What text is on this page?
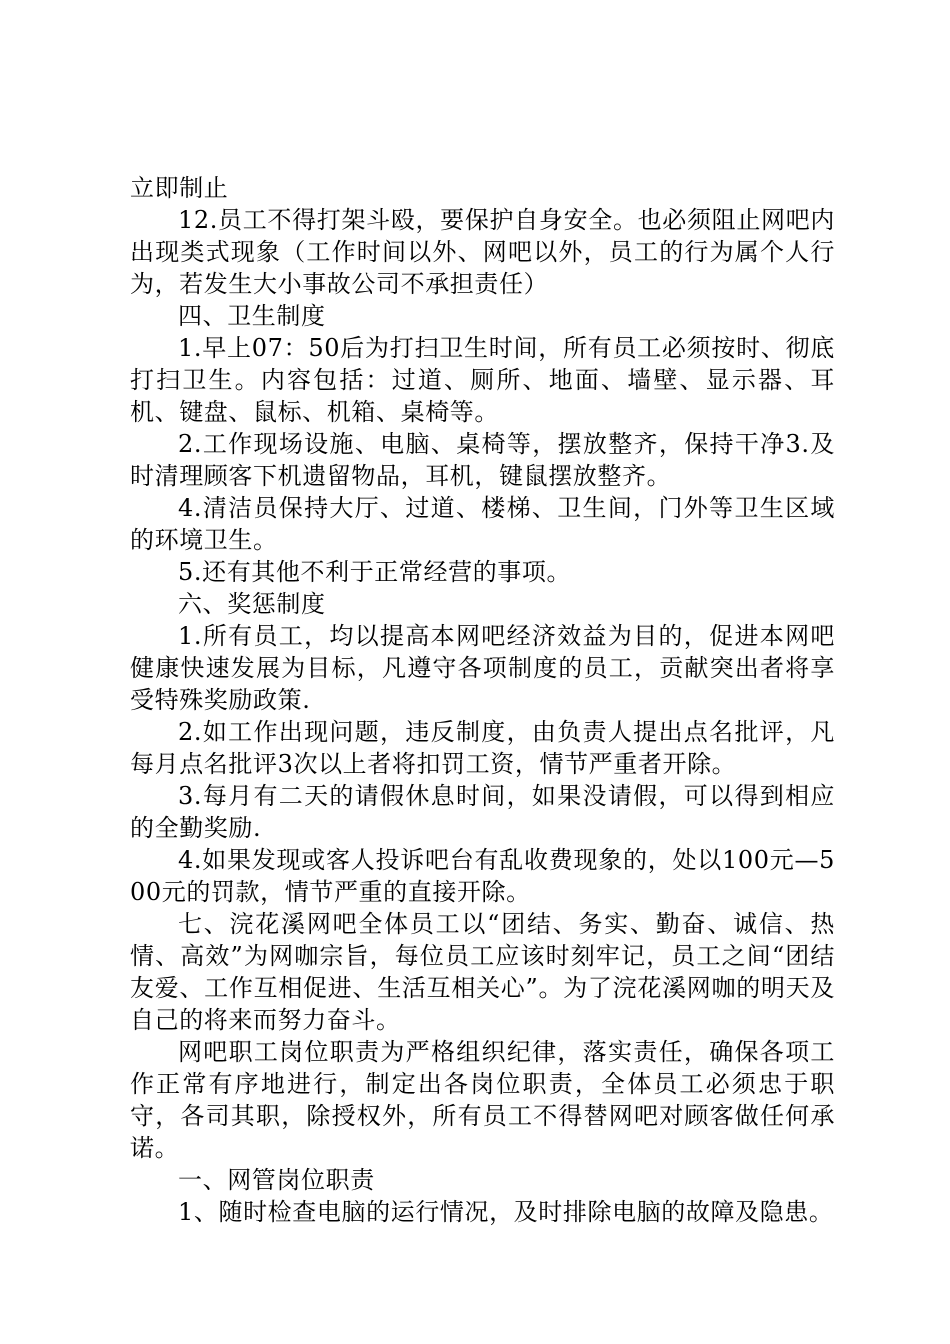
立即制止

12.员工不得打架斗殴，要保护自身安全。也必须阻止网吧内出现类式现象（工作时间以外、网吧以外，员工的行为属个人行为，若发生大小事故公司不承担责任）

四、卫生制度

1.早上07：50后为打扫卫生时间，所有员工必须按时、彻底打扫卫生。内容包括：过道、厕所、地面、墙壁、显示器、耳机、键盘、鼠标、机箱、桌椅等。

2.工作现场设施、电脑、桌椅等，摆放整齐，保持干净3.及时清理顾客下机遗留物品，耳机，键鼠摆放整齐。

4.清洁员保持大厅、过道、楼梯、卫生间，门外等卫生区域的环境卫生。

5.还有其他不利于正常经营的事项。

六、奖惩制度

1.所有员工，均以提高本网吧经济效益为目的，促进本网吧健康快速发展为目标，凡遵守各项制度的员工，贡献突出者将享受特殊奖励政策.

2.如工作出现问题，违反制度，由负责人提出点名批评，凡每月点名批评3次以上者将扣罚工资，情节严重者开除。

3.每月有二天的请假休息时间，如果没请假，可以得到相应的全勤奖励.

4.如果发现或客人投诉吧台有乱收费现象的，处以100元—500元的罚款，情节严重的直接开除。

七、浣花溪网吧全体员工以“团结、务实、勤奋、诚信、热情、高效”为网咖宗旨，每位员工应该时刻牢记，员工之间“团结友爱、工作互相促进、生活互相关心”。为了浣花溪网咖的明天及自己的将来而努力奋斗。

网吧职工岗位职责为严格组织纪律，落实责任，确保各项工作正常有序地进行，制定出各岗位职责，全体员工必须忠于职守，各司其职，除授权外，所有员工不得替网吧对顾客做任何承诺。

一、网管岗位职责

1、随时检查电脑的运行情况，及时排除电脑的故障及隐患。
